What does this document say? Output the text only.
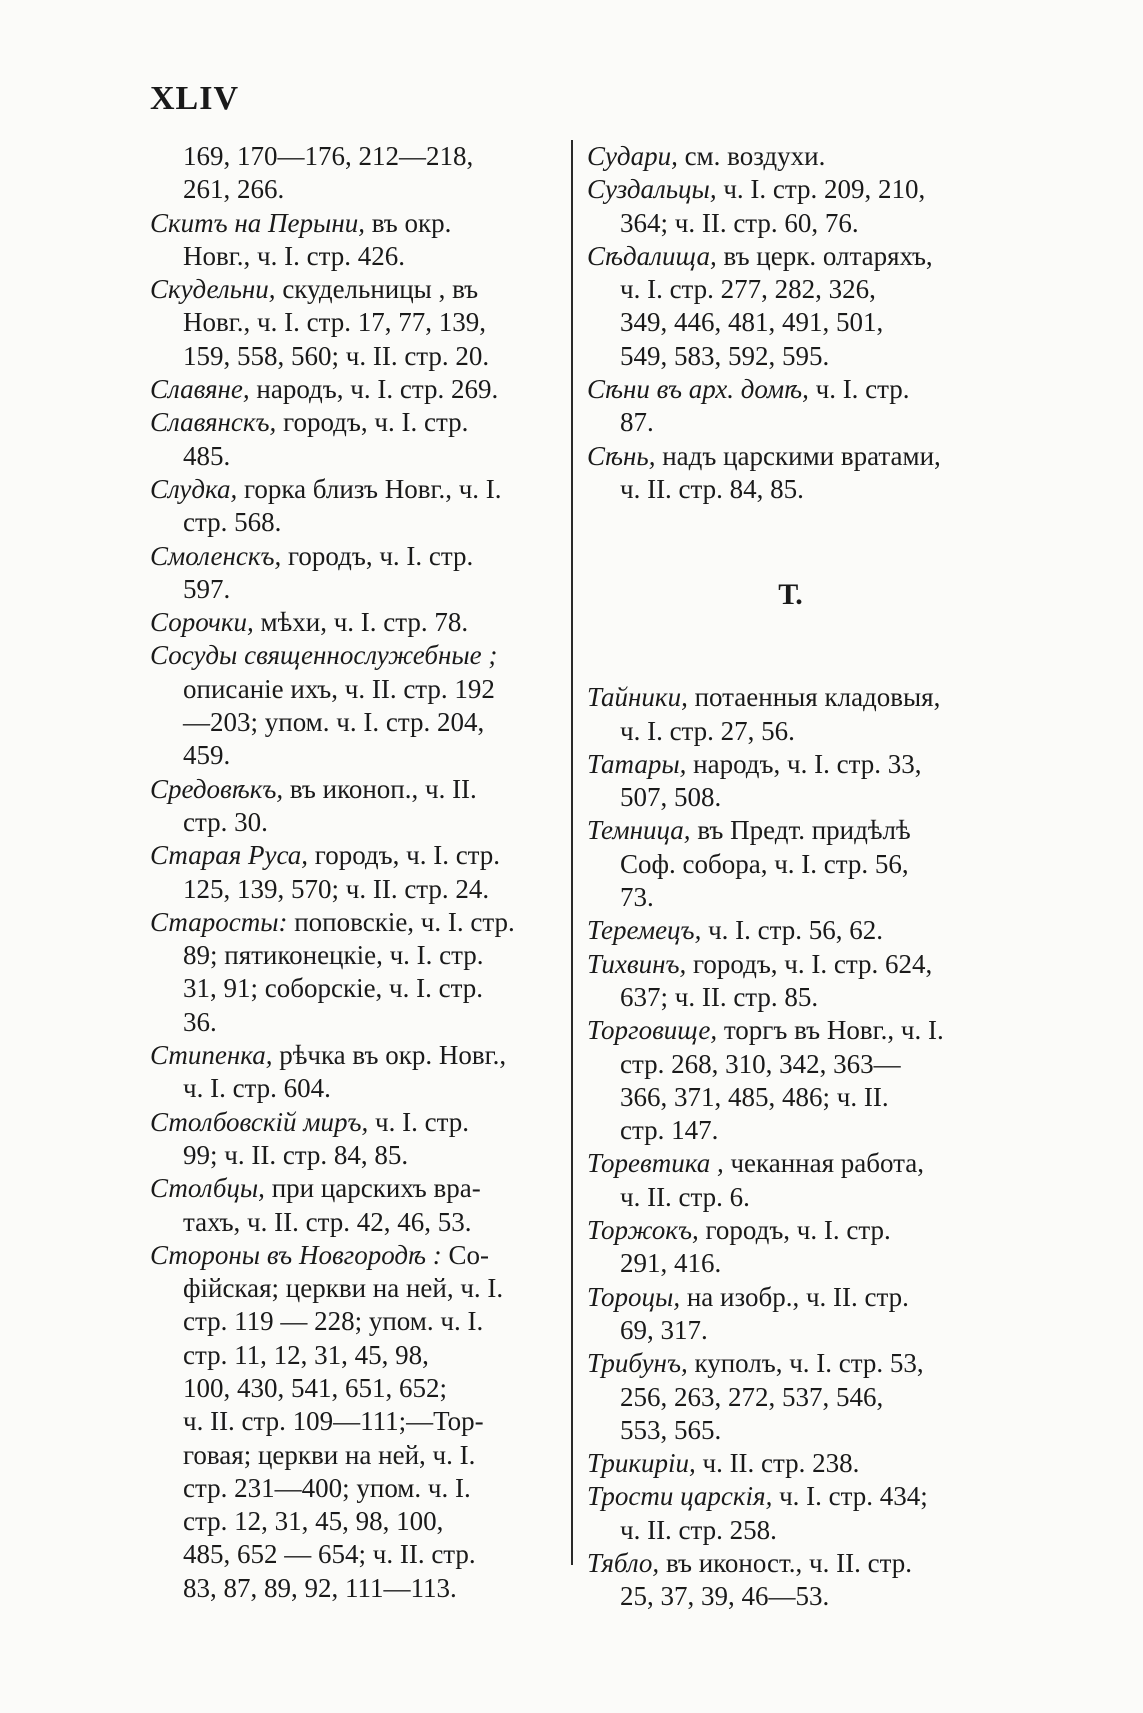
XLIV
169, 170—176, 212—218,
261, 266.
Скитъ на Перыни, въ окр.
Новг., ч. I. стр. 426.
Скудельни, скудельницы , въ
Новг., ч. I. стр. 17, 77, 139,
159, 558, 560; ч. II. стр. 20.
Славяне, народъ, ч. I. стр. 269.
Славянскъ, городъ, ч. I. стр.
485.
Слудка, горка близъ Новг., ч. I.
стр. 568.
Смоленскъ, городъ, ч. I. стр.
597.
Сорочки, мѣхи, ч. I. стр. 78.
Сосуды священнослужебные ;
описаніе ихъ, ч. II. стр. 192
—203; упом. ч. I. стр. 204,
459.
Средовѣкъ, въ иконоп., ч. II.
стр. 30.
Старая Руса, городъ, ч. I. стр.
125, 139, 570; ч. II. стр. 24.
Старосты: поповскіе, ч. I. стр.
89; пятиконецкіе, ч. I. стр.
31, 91; соборскіе, ч. I. стр.
36.
Стипенка, рѣчка въ окр. Новг.,
ч. I. стр. 604.
Столбовскій миръ, ч. I. стр.
99; ч. II. стр. 84, 85.
Столбцы, при царскихъ вра-
тахъ, ч. II. стр. 42, 46, 53.
Стороны въ Новгородѣ : Со-
фійская; церкви на ней, ч. I.
стр. 119 — 228; упом. ч. I.
стр. 11, 12, 31, 45, 98,
100, 430, 541, 651, 652;
ч. II. стр. 109—111;—Тор-
говая; церкви на ней, ч. I.
стр. 231—400; упом. ч. I.
стр. 12, 31, 45, 98, 100,
485, 652 — 654; ч. II. стр.
83, 87, 89, 92, 111—113.
Судари, см. воздухи.
Суздальцы, ч. I. стр. 209, 210,
364; ч. II. стр. 60, 76.
Сѣдалища, въ церк. олтаряхъ,
ч. I. стр. 277, 282, 326,
349, 446, 481, 491, 501,
549, 583, 592, 595.
Сѣни въ арх. домѣ, ч. I. стр.
87.
Сѣнь, надъ царскими вратами,
ч. II. стр. 84, 85.
Т.
Тайники, потаенныя кладовыя,
ч. I. стр. 27, 56.
Татары, народъ, ч. I. стр. 33,
507, 508.
Темница, въ Предт. придѣлѣ
Соф. собора, ч. I. стр. 56,
73.
Теремецъ, ч. I. стр. 56, 62.
Тихвинъ, городъ, ч. I. стр. 624,
637; ч. II. стр. 85.
Торговище, торгъ въ Новг., ч. I.
стр. 268, 310, 342, 363—
366, 371, 485, 486; ч. II.
стр. 147.
Торевтика , чеканная работа,
ч. II. стр. 6.
Торжокъ, городъ, ч. I. стр.
291, 416.
Тороцы, на изобр., ч. II. стр.
69, 317.
Трибунъ, куполъ, ч. I. стр. 53,
256, 263, 272, 537, 546,
553, 565.
Трикиріи, ч. II. стр. 238.
Трости царскія, ч. I. стр. 434;
ч. II. стр. 258.
Тябло, въ иконост., ч. II. стр.
25, 37, 39, 46—53.
